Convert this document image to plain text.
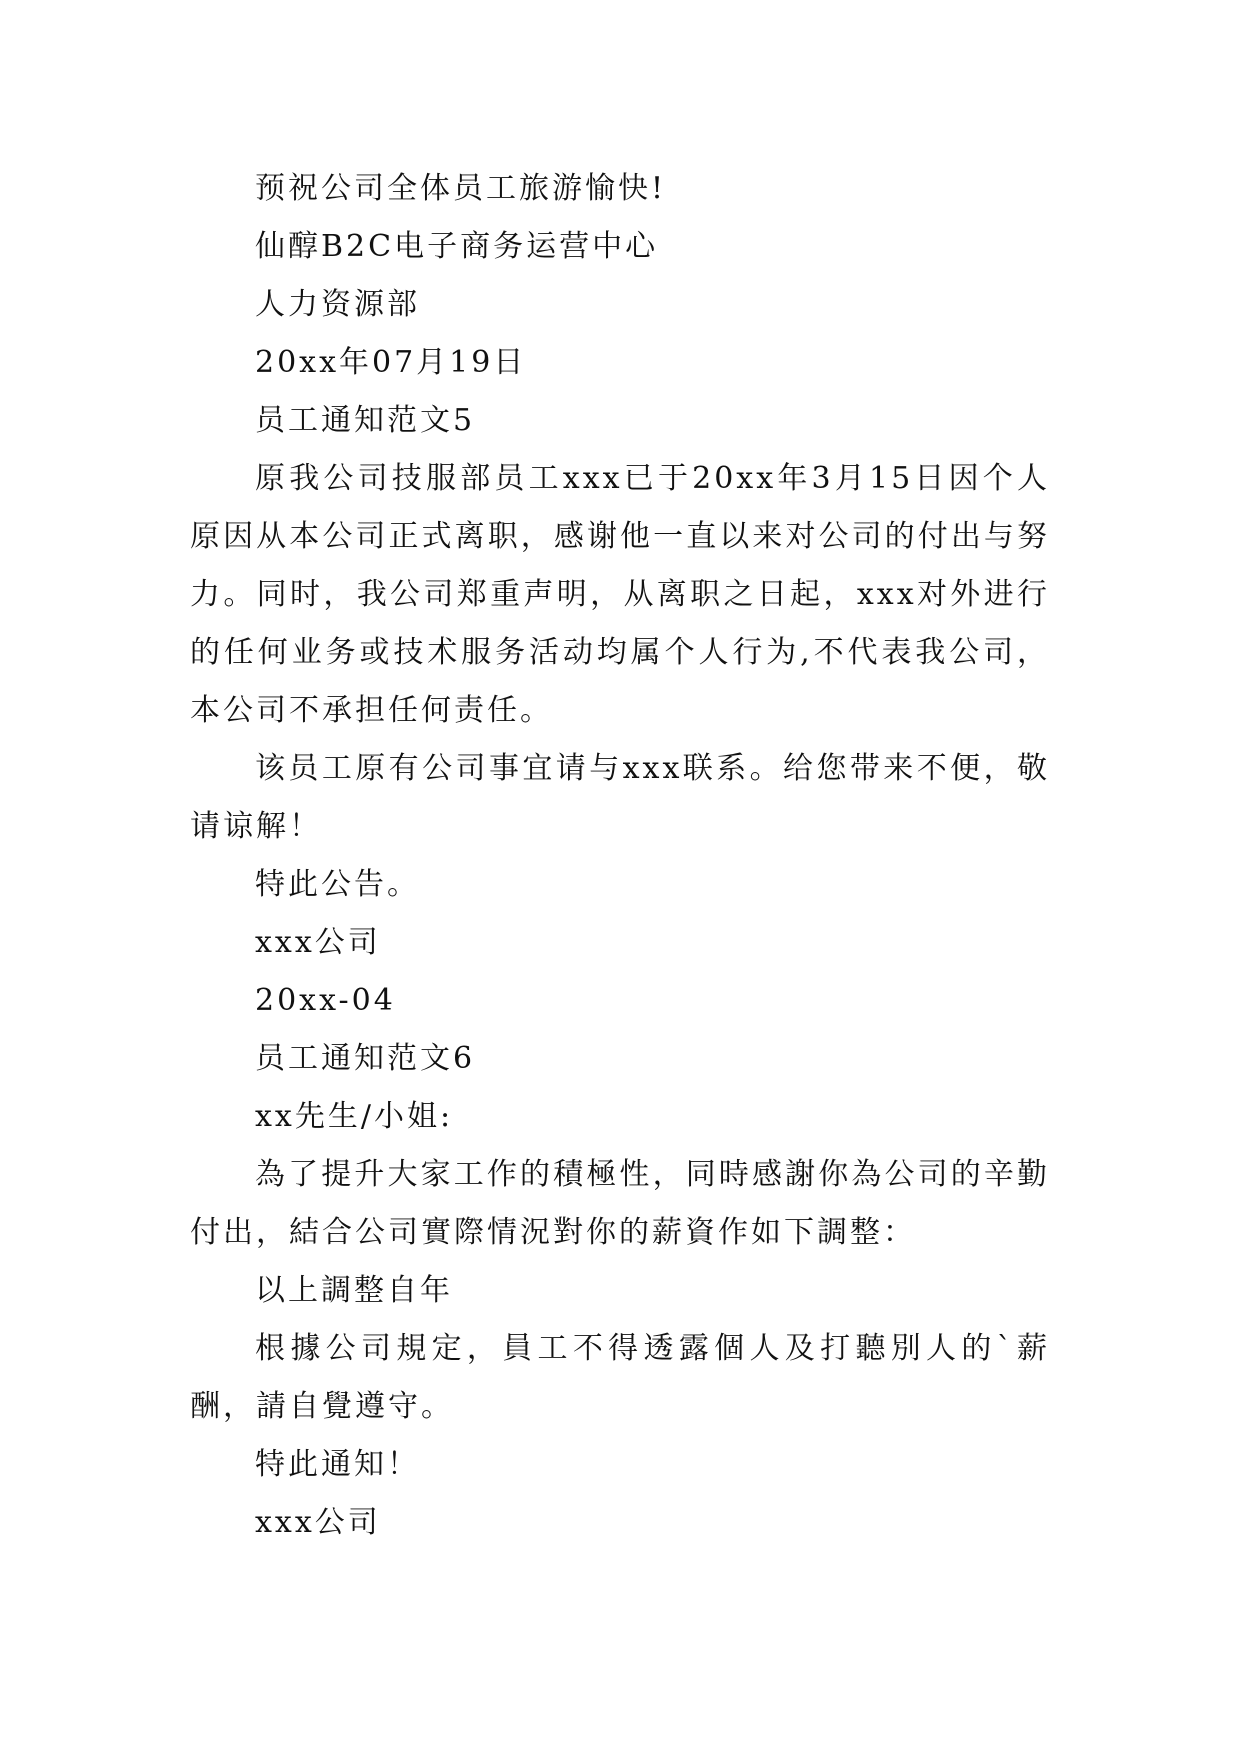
预祝公司全体员工旅游愉快!

仙醇B2C电子商务运营中心

人力资源部

20xx年07月19日

员工通知范文5

原我公司技服部员工xxx已于20xx年3月15日因个人原因从本公司正式离职，感谢他一直以来对公司的付出与努力。同时，我公司郑重声明，从离职之日起，xxx对外进行的任何业务或技术服务活动均属个人行为,不代表我公司，本公司不承担任何责任。

该员工原有公司事宜请与xxx联系。给您带来不便，敬请谅解！

特此公告。

xxx公司

20xx-04

员工通知范文6

xx先生/小姐:

為了提升大家工作的積極性，同時感謝你為公司的辛勤付出，結合公司實際情況對你的薪資作如下調整：

以上調整自年

根據公司規定，員工不得透露個人及打聽別人的`薪酬，請自覺遵守。

特此通知！

xxx公司
